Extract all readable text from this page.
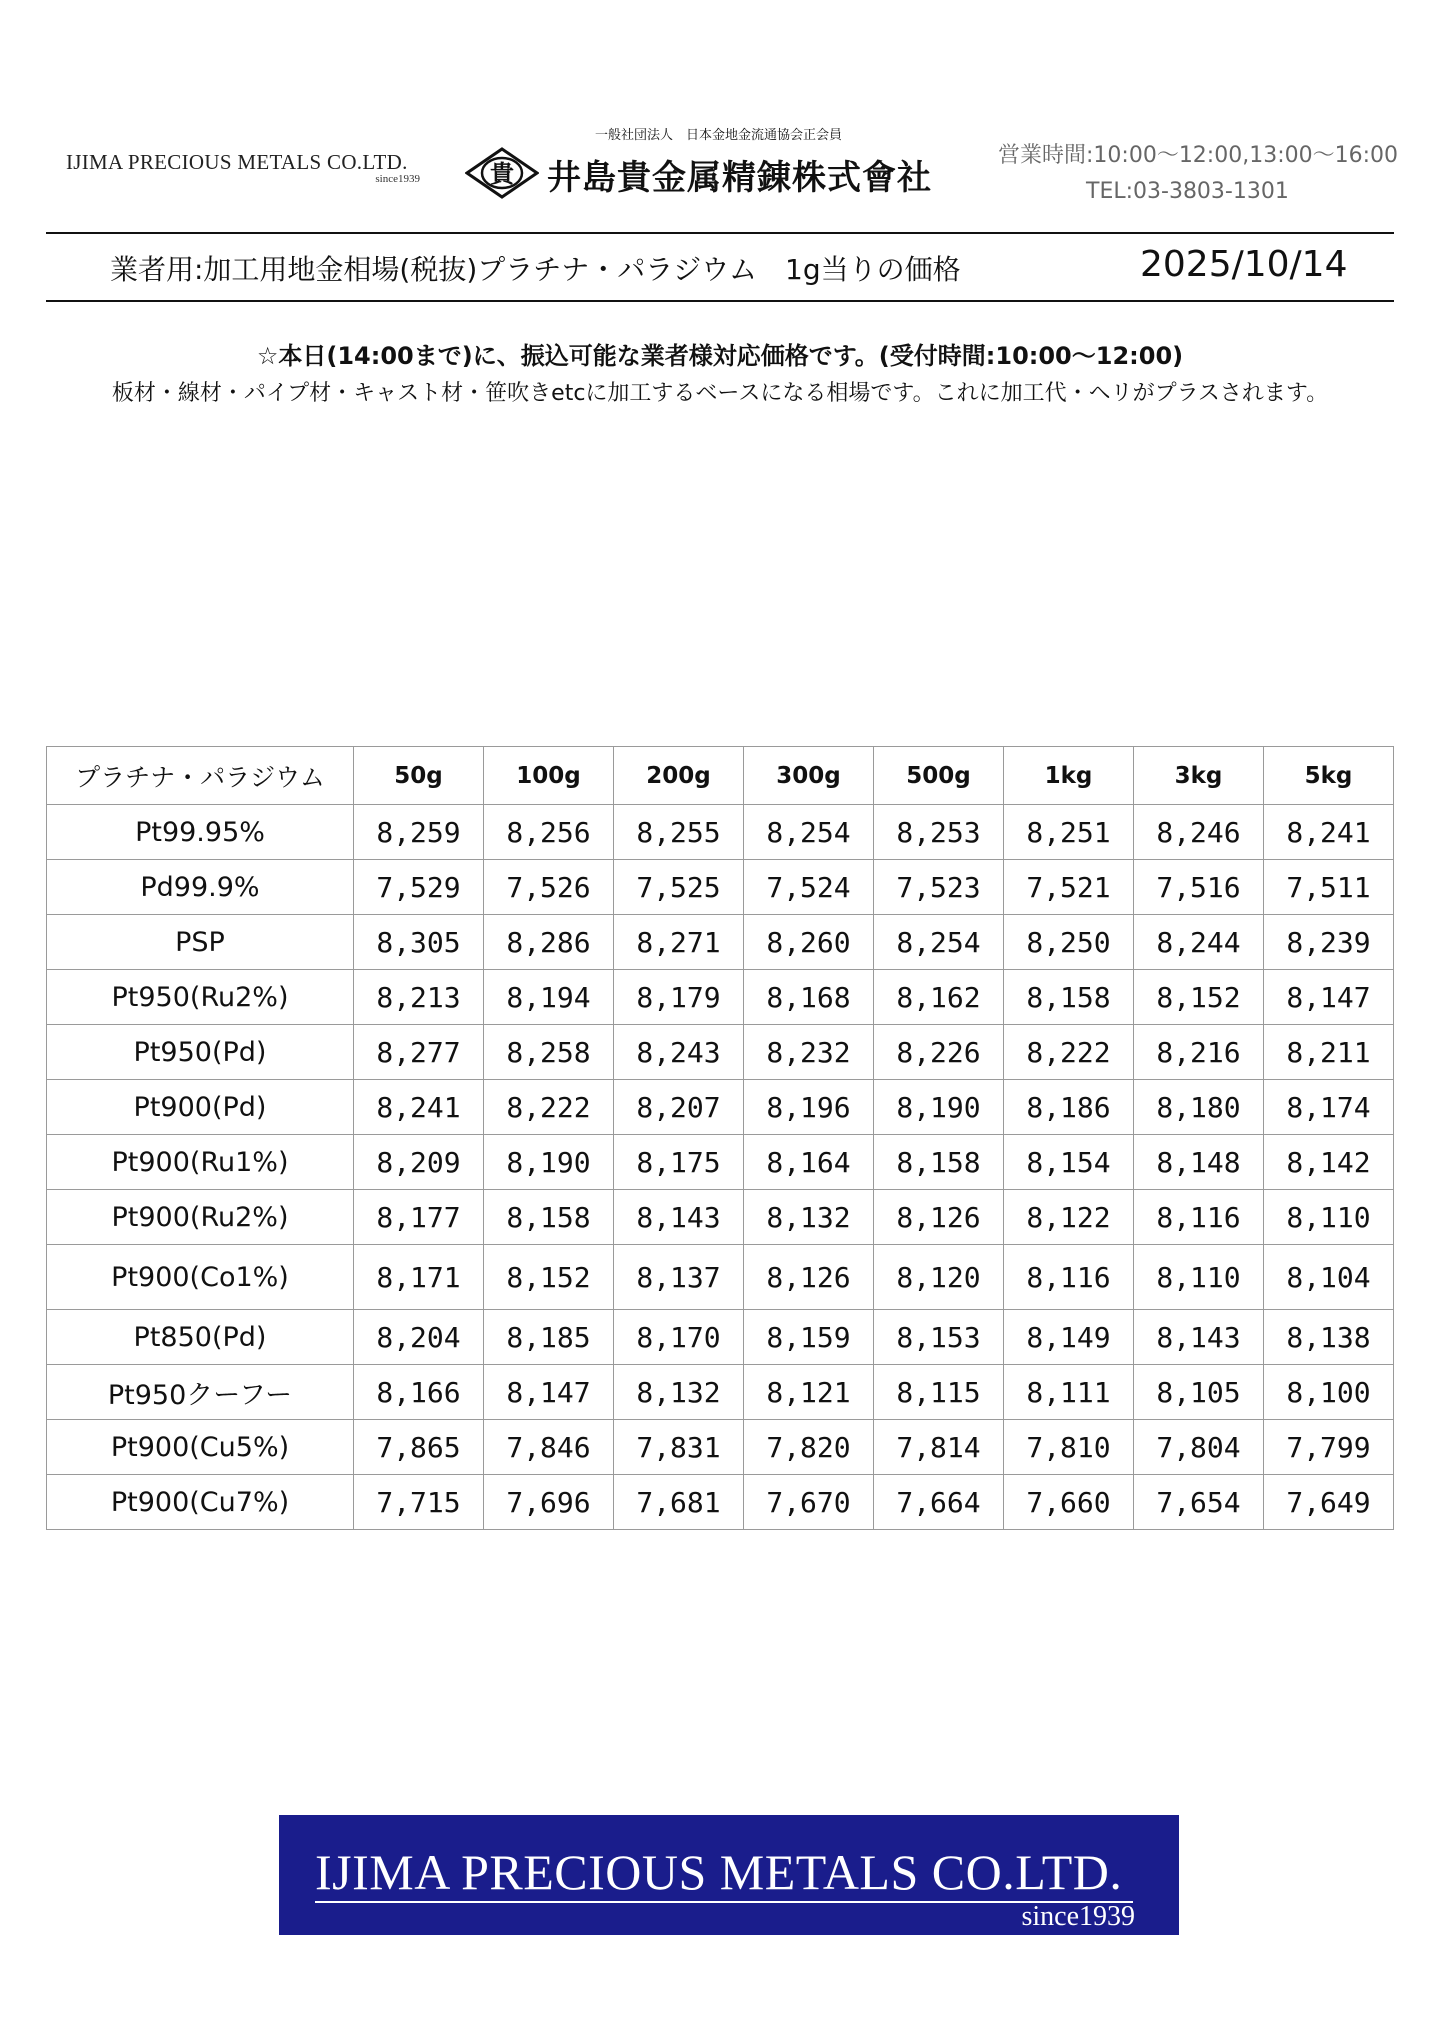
IJIMA PRECIOUS METALS CO.LTD.
since1939
一般社団法人　日本金地金流通協会正会員
貴 井島貴金属精錬株式會社
営業時間:10:00〜12:00,13:00〜16:00
TEL:03-3803-1301
業者用:加工用地金相場(税抜)プラチナ・パラジウム　1g当りの価格	2025/10/14
☆本日(14:00まで)に、振込可能な業者様対応価格です。(受付時間:10:00〜12:00)
板材・線材・パイプ材・キャスト材・笹吹きetcに加工するベースになる相場です。これに加工代・ヘリがプラスされます。
プラチナ・パラジウム	50g	100g	200g	300g	500g	1kg	3kg	5kg
Pt99.95%	8,259	8,256	8,255	8,254	8,253	8,251	8,246	8,241
Pd99.9%	7,529	7,526	7,525	7,524	7,523	7,521	7,516	7,511
PSP	8,305	8,286	8,271	8,260	8,254	8,250	8,244	8,239
Pt950(Ru2%)	8,213	8,194	8,179	8,168	8,162	8,158	8,152	8,147
Pt950(Pd)	8,277	8,258	8,243	8,232	8,226	8,222	8,216	8,211
Pt900(Pd)	8,241	8,222	8,207	8,196	8,190	8,186	8,180	8,174
Pt900(Ru1%)	8,209	8,190	8,175	8,164	8,158	8,154	8,148	8,142
Pt900(Ru2%)	8,177	8,158	8,143	8,132	8,126	8,122	8,116	8,110
Pt900(Co1%)	8,171	8,152	8,137	8,126	8,120	8,116	8,110	8,104
Pt850(Pd)	8,204	8,185	8,170	8,159	8,153	8,149	8,143	8,138
Pt950クーフー	8,166	8,147	8,132	8,121	8,115	8,111	8,105	8,100
Pt900(Cu5%)	7,865	7,846	7,831	7,820	7,814	7,810	7,804	7,799
Pt900(Cu7%)	7,715	7,696	7,681	7,670	7,664	7,660	7,654	7,649
IJIMA PRECIOUS METALS CO.LTD.
since1939
